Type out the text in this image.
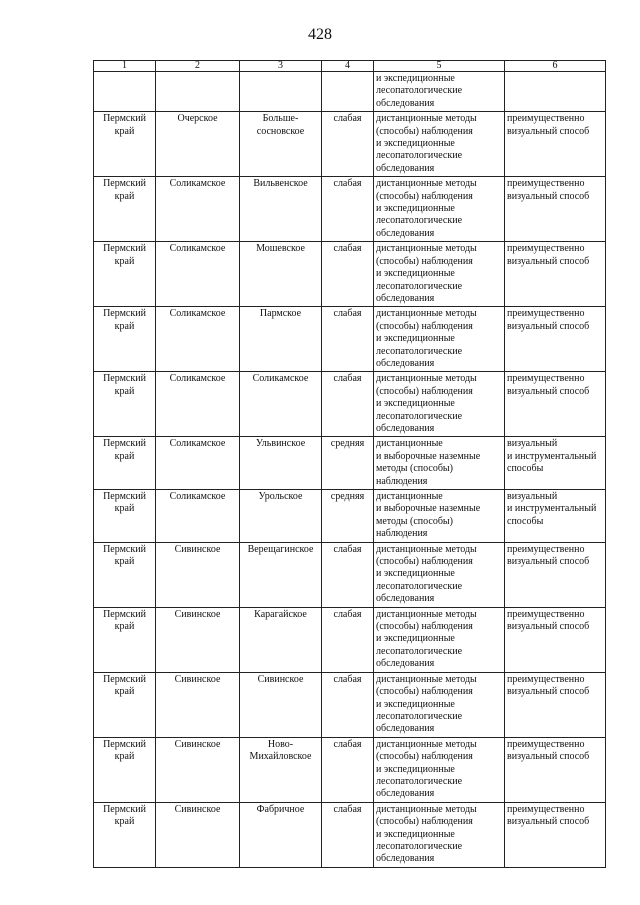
428
1	2	3	4	5	6

				и экспедиционные
лесопатологические
обследования	

Пермский
край	Очерское	Больше-
сосновское	слабая	дистанционные методы
(способы) наблюдения
и экспедиционные
лесопатологические
обследования	преимущественно
визуальный способ

Пермский
край	Соликамское	Вильвенское	слабая	дистанционные методы
(способы) наблюдения
и экспедиционные
лесопатологические
обследования	преимущественно
визуальный способ

Пермский
край	Соликамское	Мошевское	слабая	дистанционные методы
(способы) наблюдения
и экспедиционные
лесопатологические
обследования	преимущественно
визуальный способ

Пермский
край	Соликамское	Пармское	слабая	дистанционные методы
(способы) наблюдения
и экспедиционные
лесопатологические
обследования	преимущественно
визуальный способ

Пермский
край	Соликамское	Соликамское	слабая	дистанционные методы
(способы) наблюдения
и экспедиционные
лесопатологические
обследования	преимущественно
визуальный способ

Пермский
край	Соликамское	Ульвинское	средняя	дистанционные
и выборочные наземные
методы (способы)
наблюдения	визуальный
и инструментальный
способы

Пермский
край	Соликамское	Урольское	средняя	дистанционные
и выборочные наземные
методы (способы)
наблюдения	визуальный
и инструментальный
способы

Пермский
край	Сивинское	Верещагинское	слабая	дистанционные методы
(способы) наблюдения
и экспедиционные
лесопатологические
обследования	преимущественно
визуальный способ

Пермский
край	Сивинское	Карагайское	слабая	дистанционные методы
(способы) наблюдения
и экспедиционные
лесопатологические
обследования	преимущественно
визуальный способ

Пермский
край	Сивинское	Сивинское	слабая	дистанционные методы
(способы) наблюдения
и экспедиционные
лесопатологические
обследования	преимущественно
визуальный способ

Пермский
край	Сивинское	Ново-
Михайловское	слабая	дистанционные методы
(способы) наблюдения
и экспедиционные
лесопатологические
обследования	преимущественно
визуальный способ

Пермский
край	Сивинское	Фабричное	слабая	дистанционные методы
(способы) наблюдения
и экспедиционные
лесопатологические
обследования	преимущественно
визуальный способ
